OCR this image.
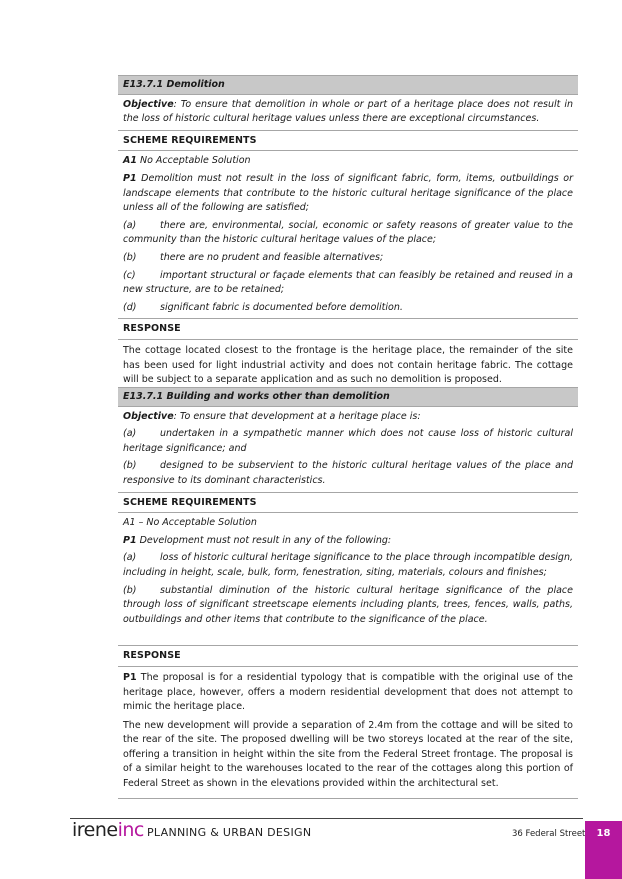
E13.7.1 Demolition
Objective: To ensure that demolition in whole or part of a heritage place does not result in the loss of historic cultural heritage values unless there are exceptional circumstances.
SCHEME REQUIREMENTS
A1 No Acceptable Solution
P1 Demolition must not result in the loss of significant fabric, form, items, outbuildings or landscape elements that contribute to the historic cultural heritage significance of the place unless all of the following are satisfied;
(a)	there are, environmental, social, economic or safety reasons of greater value to the community than the historic cultural heritage values of the place;
(b) there are no prudent and feasible alternatives;
(c)	important structural or façade elements that can feasibly be retained and reused in a new structure, are to be retained;
(d) significant fabric is documented before demolition.
RESPONSE
The cottage located closest to the frontage is the heritage place, the remainder of the site has been used for light industrial activity and does not contain heritage fabric. The cottage will be subject to a separate application and as such no demolition is proposed.
E13.7.1 Building and works other than demolition
Objective: To ensure that development at a heritage place is:
(a)	undertaken in a sympathetic manner which does not cause loss of historic cultural heritage significance; and
(b) designed to be subservient to the historic cultural heritage values of the place and responsive to its dominant characteristics.
SCHEME REQUIREMENTS
A1 – No Acceptable Solution
P1 Development must not result in any of the following:
(a)	loss of historic cultural heritage significance to the place through incompatible design, including in height, scale, bulk, form, fenestration, siting, materials, colours and finishes;
(b) substantial diminution of the historic cultural heritage significance of the place through loss of significant streetscape elements including plants, trees, fences, walls, paths, outbuildings and other items that contribute to the significance of the place.
RESPONSE
P1 The proposal is for a residential typology that is compatible with the original use of the heritage place, however, offers a modern residential development that does not attempt to mimic the heritage place.
The new development will provide a separation of 2.4m from the cottage and will be sited to the rear of the site. The proposed dwelling will be two storeys located at the rear of the site, offering a transition in height within the site from the Federal Street frontage. The proposal is of a similar height to the warehouses located to the rear of the cottages along this portion of Federal Street as shown in the elevations provided within the architectural set.
ireneinc PLANNING & URBAN DESIGN	36 Federal Street	18
